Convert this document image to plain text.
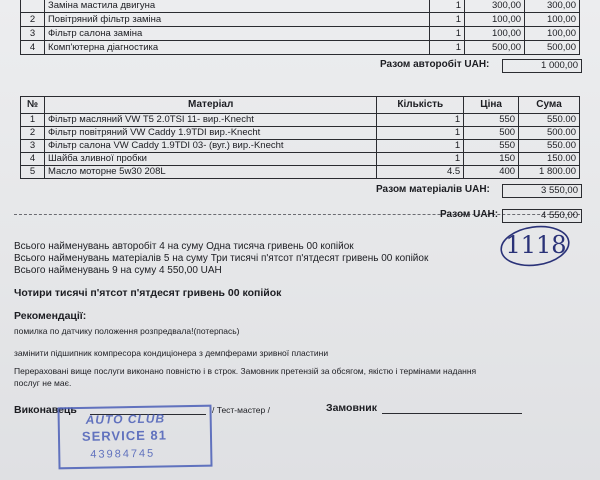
	Заміна мастила двигуна	1	300,00	300,00
2	Повітряний фільтр заміна	1	100,00	100,00
3	Фільтр салона заміна	1	100,00	100,00
4	Комп'ютерна діагностика	1	500,00	500,00
Разом авторобіт UAH:	1 000,00
№	Матеріал	Кількість	Ціна	Сума
1	Фільтр масляний VW T5 2.0TSI 11- вир.-Knecht	1	550	550.00
2	Фільтр повітряний VW Caddy 1.9TDI вир.-Knecht	1	500	500.00
3	Фільтр салона VW Caddy 1.9TDI 03- (вуг.) вир.-Knecht	1	550	550.00
4	Шайба зливної пробки	1	150	150.00
5	Масло моторне 5w30 208L	4.5	400	1 800.00
Разом матеріалів UAH:	3 550,00
Разом UAH:	4 550,00
Всього найменувань авторобіт 4 на суму Одна тисяча гривень 00 копійок
Всього найменувань матеріалів 5 на суму Три тисячі п'ятсот п'ятдесят гривень 00 копійок
Всього найменувань 9 на суму 4 550,00 UAH
1118
Чотири тисячі п'ятсот п'ятдесят гривень 00 копійок
Рекомендації:
помилка по датчику положення розпредвала!(потерпась)
замінити підшипник компресора кондиціонера з демпферами зривної пластини
Перераховані вище послуги виконано повністю і в строк. Замовник претензій за обсягом, якістю і термінами надання
послуг не має.
Виконавець	/ Тест-мастер /	Замовник
AUTO CLUB
SERVICE 81
43984745
